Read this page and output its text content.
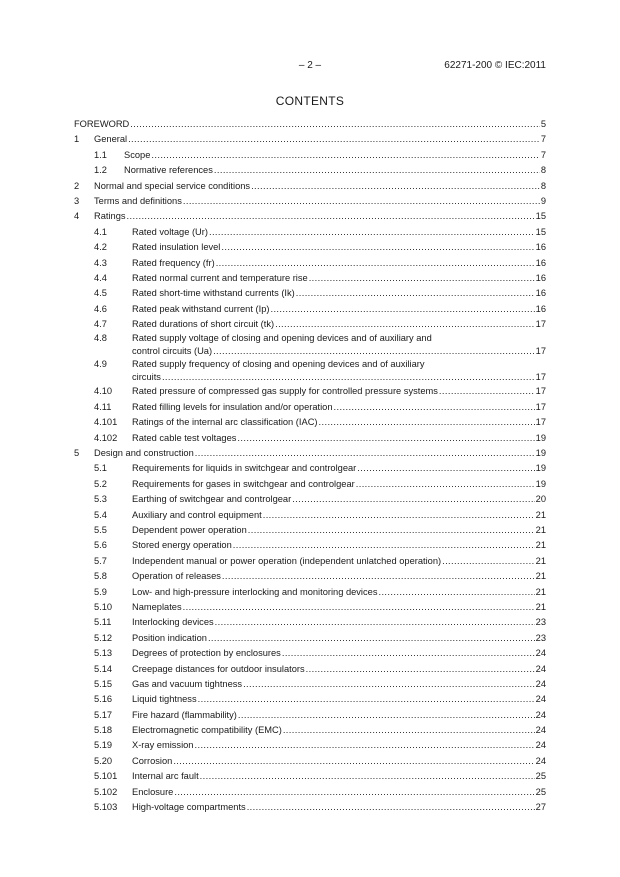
– 2 –	62271-200 © IEC:2011
CONTENTS
FOREWORD .....	5
1 General .....	7
1.1 Scope .....	7
1.2 Normative references .....	8
2 Normal and special service conditions .....	8
3 Terms and definitions .....	9
4 Ratings .....	15
4.1	Rated voltage (Ur) .....	15
4.2	Rated insulation level .....	16
4.3	Rated frequency (fr) .....	16
4.4	Rated normal current and temperature rise .....	16
4.5	Rated short-time withstand currents (Ik) .....	16
4.6	Rated peak withstand current (Ip) .....	16
4.7	Rated durations of short circuit (tk) .....	17
4.8	Rated supply voltage of closing and opening devices and of auxiliary and
control circuits (Ua) .....	17
4.9	Rated supply frequency of closing and opening devices and of auxiliary
circuits .....	17
4.10 Rated pressure of compressed gas supply for controlled pressure systems .....	17
4.11 Rated filling levels for insulation and/or operation .....	17
4.101 Ratings of the internal arc classification (IAC) .....	17
4.102 Rated cable test voltages .....	19
5 Design and construction .....	19
5.1	Requirements for liquids in switchgear and controlgear .....	19
5.2	Requirements for gases in switchgear and controlgear .....	19
5.3	Earthing of switchgear and controlgear .....	20
5.4	Auxiliary and control equipment .....	21
5.5	Dependent power operation .....	21
5.6	Stored energy operation .....	21
5.7	Independent manual or power operation (independent unlatched operation) .....	21
5.8	Operation of releases .....	21
5.9	Low- and high-pressure interlocking and monitoring devices .....	21
5.10 Nameplates .....	21
5.11 Interlocking devices .....	23
5.12 Position indication .....	23
5.13 Degrees of protection by enclosures .....	24
5.14 Creepage distances for outdoor insulators .....	24
5.15 Gas and vacuum tightness .....	24
5.16 Liquid tightness .....	24
5.17 Fire hazard (flammability) .....	24
5.18 Electromagnetic compatibility (EMC) .....	24
5.19 X-ray emission .....	24
5.20 Corrosion .....	24
5.101 Internal arc fault .....	25
5.102 Enclosure .....	25
5.103 High-voltage compartments .....	27
